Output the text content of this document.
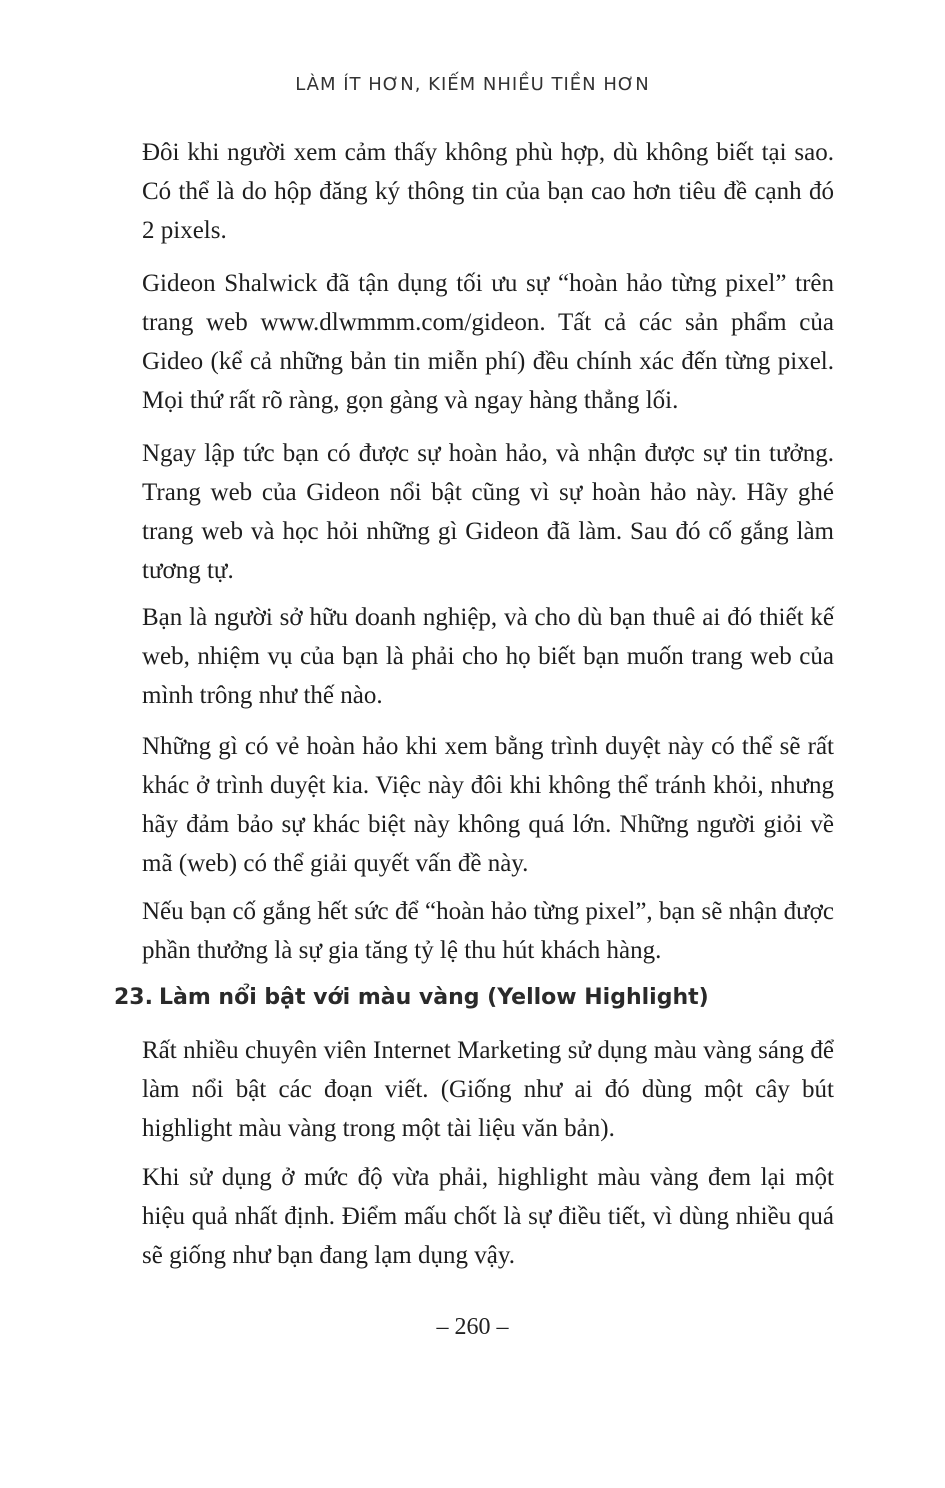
LÀM ÍT HƠN, KIẾM NHIỀU TIỀN HƠN

Đôi khi người xem cảm thấy không phù hợp, dù không biết tại sao. Có thể là do hộp đăng ký thông tin của bạn cao hơn tiêu đề cạnh đó 2 pixels.

Gideon Shalwick đã tận dụng tối ưu sự “hoàn hảo từng pixel” trên trang web www.dlwmmm.com/gideon. Tất cả các sản phẩm của Gideo (kể cả những bản tin miễn phí) đều chính xác đến từng pixel. Mọi thứ rất rõ ràng, gọn gàng và ngay hàng thẳng lối.

Ngay lập tức bạn có được sự hoàn hảo, và nhận được sự tin tưởng. Trang web của Gideon nổi bật cũng vì sự hoàn hảo này. Hãy ghé trang web và học hỏi những gì Gideon đã làm. Sau đó cố gắng làm tương tự.

Bạn là người sở hữu doanh nghiệp, và cho dù bạn thuê ai đó thiết kế web, nhiệm vụ của bạn là phải cho họ biết bạn muốn trang web của mình trông như thế nào.

Những gì có vẻ hoàn hảo khi xem bằng trình duyệt này có thể sẽ rất khác ở trình duyệt kia. Việc này đôi khi không thể tránh khỏi, nhưng hãy đảm bảo sự khác biệt này không quá lớn. Những người giỏi về mã (web) có thể giải quyết vấn đề này.

Nếu bạn cố gắng hết sức để “hoàn hảo từng pixel”, bạn sẽ nhận được phần thưởng là sự gia tăng tỷ lệ thu hút khách hàng.

23. Làm nổi bật với màu vàng (Yellow Highlight)

Rất nhiều chuyên viên Internet Marketing sử dụng màu vàng sáng để làm nổi bật các đoạn viết. (Giống như ai đó dùng một cây bút highlight màu vàng trong một tài liệu văn bản).

Khi sử dụng ở mức độ vừa phải, highlight màu vàng đem lại một hiệu quả nhất định. Điểm mấu chốt là sự điều tiết, vì dùng nhiều quá sẽ giống như bạn đang lạm dụng vậy.

– 260 –
